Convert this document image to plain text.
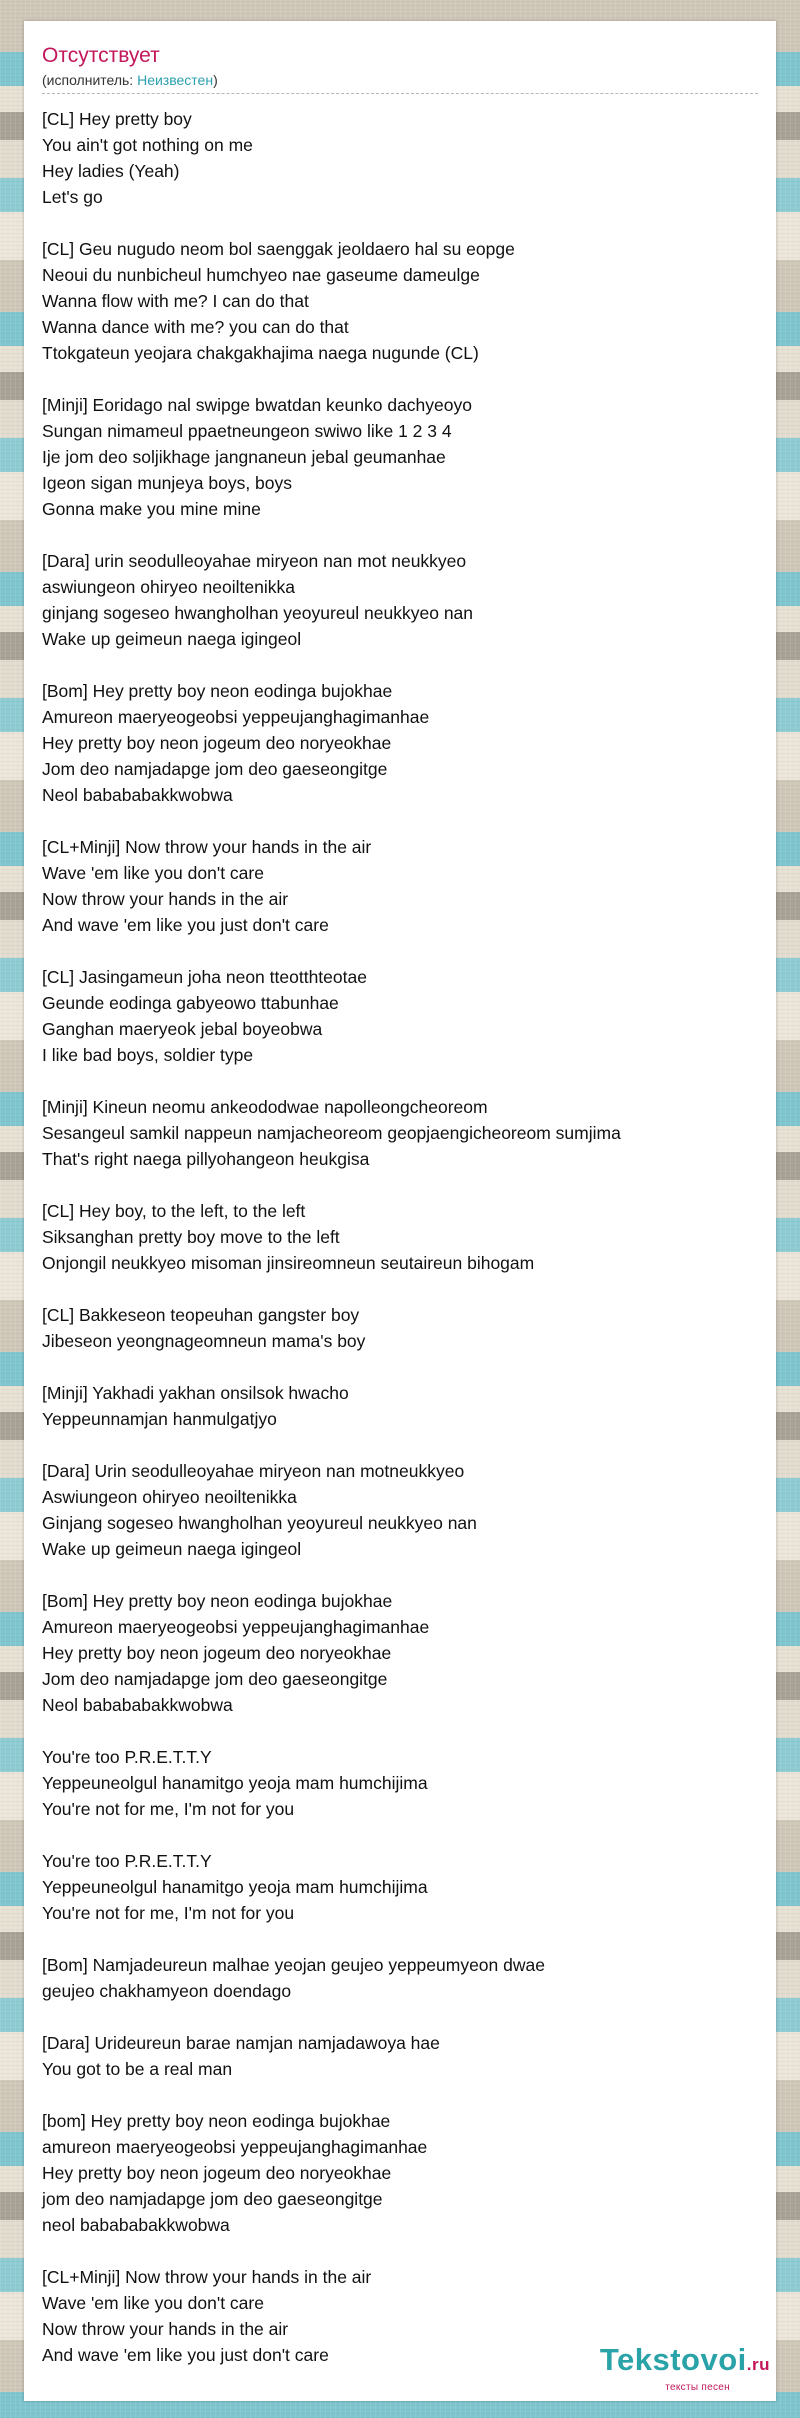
Отсутствует
(исполнитель: Неизвестен)
[CL] Hey pretty boy
You ain't got nothing on me
Hey ladies (Yeah)
Let's go
[CL] Geu nugudo neom bol saenggak jeoldaero hal su eopge
Neoui du nunbicheul humchyeo nae gaseume dameulge
Wanna flow with me? I can do that
Wanna dance with me? you can do that
Ttokgateun yeojara chakgakhajima naega nugunde (CL)
[Minji] Eoridago nal swipge bwatdan keunko dachyeoyo
Sungan nimameul ppaetneungeon swiwo like 1 2 3 4
Ije jom deo soljikhage jangnaneun jebal geumanhae
Igeon sigan munjeya boys, boys
Gonna make you mine mine
[Dara] urin seodulleoyahae miryeon nan mot neukkyeo
aswiungeon ohiryeo neoiltenikka
ginjang sogeseo hwangholhan yeoyureul neukkyeo nan
Wake up geimeun naega igingeol
[Bom] Hey pretty boy neon eodinga bujokhae
Amureon maeryeogeobsi yeppeujanghagimanhae
Hey pretty boy neon jogeum deo noryeokhae
Jom deo namjadapge jom deo gaeseongitge
Neol babababakkwobwa
[CL+Minji] Now throw your hands in the air
Wave 'em like you don't care
Now throw your hands in the air
And wave 'em like you just don't care
[CL] Jasingameun joha neon tteotthteotae
Geunde eodinga gabyeowo ttabunhae
Ganghan maeryeok jebal boyeobwa
I like bad boys, soldier type
[Minji] Kineun neomu ankeododwae napolleongcheoreom
Sesangeul samkil nappeun namjacheoreom geopjaengicheoreom sumjima
That's right naega pillyohangeon heukgisa
[CL] Hey boy, to the left, to the left
Siksanghan pretty boy move to the left
Onjongil neukkyeo misoman jinsireomneun seutaireun bihogam
[CL] Bakkeseon teopeuhan gangster boy
Jibeseon yeongnageomneun mama's boy
[Minji] Yakhadi yakhan onsilsok hwacho
Yeppeunnamjan hanmulgatjyo
[Dara] Urin seodulleoyahae miryeon nan motneukkyeo
Aswiungeon ohiryeo neoiltenikka
Ginjang sogeseo hwangholhan yeoyureul neukkyeo nan
Wake up geimeun naega igingeol
[Bom] Hey pretty boy neon eodinga bujokhae
Amureon maeryeogeobsi yeppeujanghagimanhae
Hey pretty boy neon jogeum deo noryeokhae
Jom deo namjadapge jom deo gaeseongitge
Neol babababakkwobwa
You're too P.R.E.T.T.Y
Yeppeuneolgul hanamitgo yeoja mam humchijima
You're not for me, I'm not for you
You're too P.R.E.T.T.Y
Yeppeuneolgul hanamitgo yeoja mam humchijima
You're not for me, I'm not for you
[Bom] Namjadeureun malhae yeojan geujeo yeppeumyeon dwae
geujeo chakhamyeon doendago
[Dara] Urideureun barae namjan namjadawoya hae
You got to be a real man
[bom] Hey pretty boy neon eodinga bujokhae
amureon maeryeogeobsi yeppeujanghagimanhae
Hey pretty boy neon jogeum deo noryeokhae
jom deo namjadapge jom deo gaeseongitge
neol babababakkwobwa
[CL+Minji] Now throw your hands in the air
Wave 'em like you don't care
Now throw your hands in the air
And wave 'em like you just don't care	Tekstovoi.ru
тексты песен
